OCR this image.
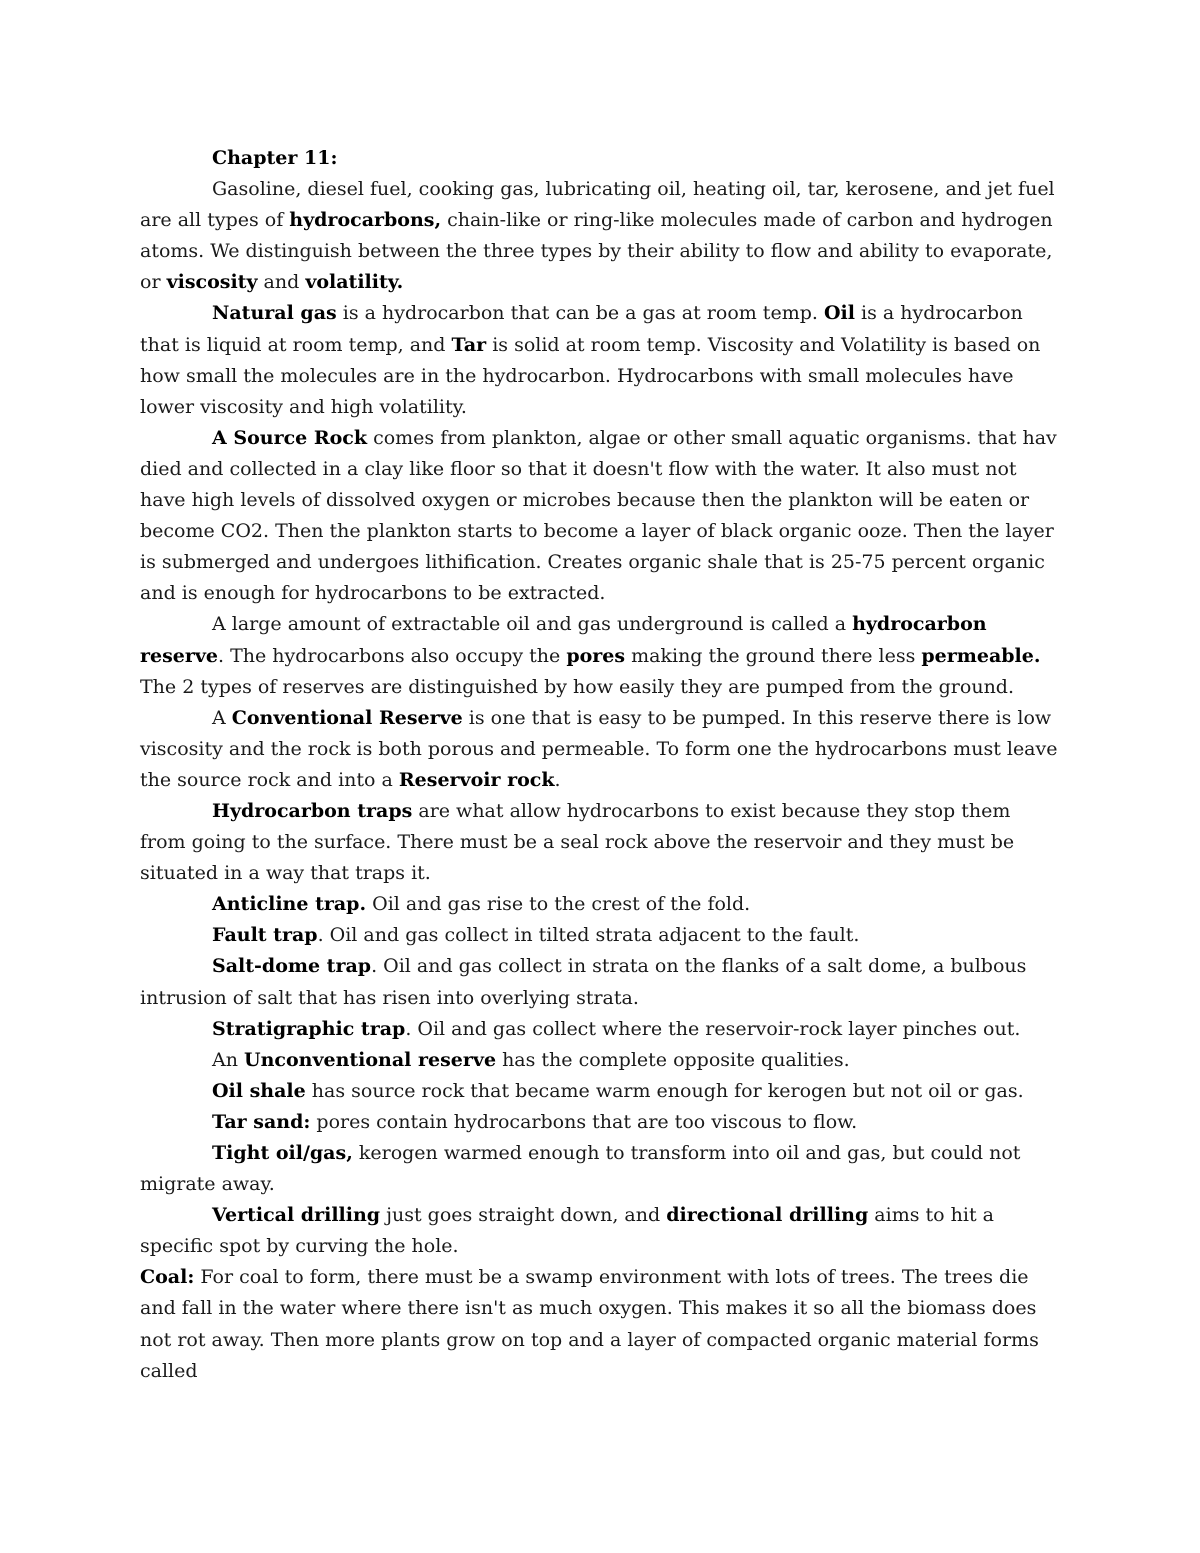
Chapter 11:

Gasoline, diesel fuel, cooking gas, lubricating oil, heating oil, tar, kerosene, and jet fuel are all types of hydrocarbons, chain-like or ring-like molecules made of carbon and hydrogen atoms. We distinguish between the three types by their ability to flow and ability to evaporate, or viscosity and volatility.

Natural gas is a hydrocarbon that can be a gas at room temp. Oil is a hydrocarbon that is liquid at room temp, and Tar is solid at room temp. Viscosity and Volatility is based on how small the molecules are in the hydrocarbon. Hydrocarbons with small molecules have lower viscosity and high volatility.

A Source Rock comes from plankton, algae or other small aquatic organisms. that hav died and collected in a clay like floor so that it doesn't flow with the water. It also must not have high levels of dissolved oxygen or microbes because then the plankton will be eaten or become CO2. Then the plankton starts to become a layer of black organic ooze. Then the layer is submerged and undergoes lithification. Creates organic shale that is 25-75 percent organic and is enough for hydrocarbons to be extracted.

A large amount of extractable oil and gas underground is called a hydrocarbon reserve. The hydrocarbons also occupy the pores making the ground there less permeable. The 2 types of reserves are distinguished by how easily they are pumped from the ground.

A Conventional Reserve is one that is easy to be pumped. In this reserve there is low viscosity and the rock is both porous and permeable. To form one the hydrocarbons must leave the source rock and into a Reservoir rock.

Hydrocarbon traps are what allow hydrocarbons to exist because they stop them from going to the surface. There must be a seal rock above the reservoir and they must be situated in a way that traps it.

Anticline trap. Oil and gas rise to the crest of the fold.

Fault trap. Oil and gas collect in tilted strata adjacent to the fault.

Salt-dome trap. Oil and gas collect in strata on the flanks of a salt dome, a bulbous intrusion of salt that has risen into overlying strata.

Stratigraphic trap. Oil and gas collect where the reservoir-rock layer pinches out.

An Unconventional reserve has the complete opposite qualities.

Oil shale has source rock that became warm enough for kerogen but not oil or gas.

Tar sand: pores contain hydrocarbons that are too viscous to flow.

Tight oil/gas, kerogen warmed enough to transform into oil and gas, but could not migrate away.

Vertical drilling just goes straight down, and directional drilling aims to hit a specific spot by curving the hole.

Coal: For coal to form, there must be a swamp environment with lots of trees. The trees die and fall in the water where there isn't as much oxygen. This makes it so all the biomass does not rot away. Then more plants grow on top and a layer of compacted organic material forms called
